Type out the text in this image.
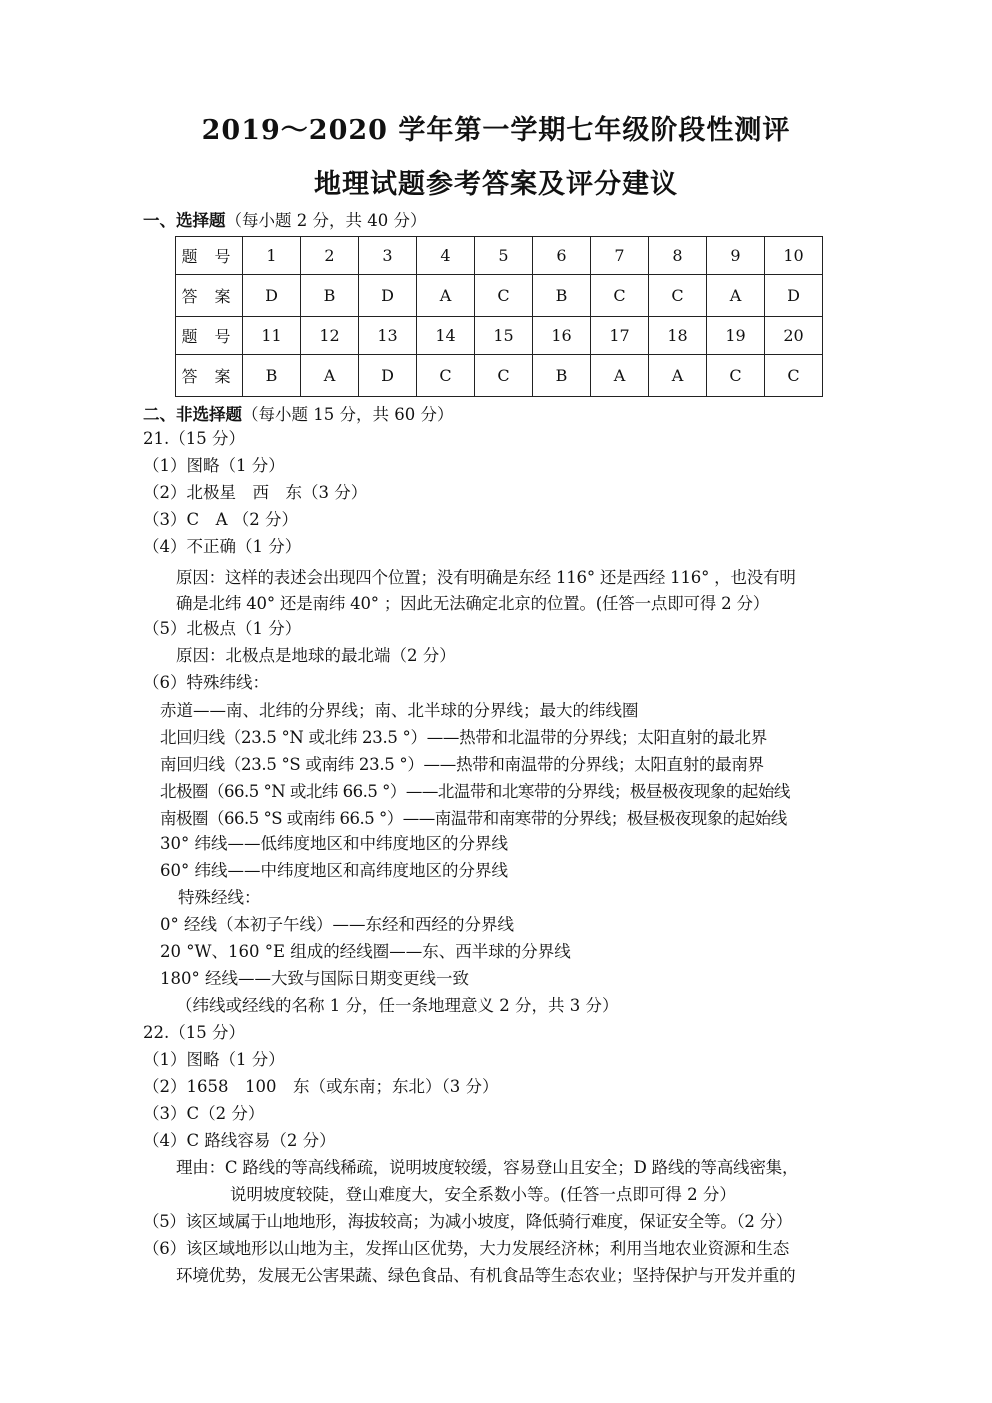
2019～2020 学年第一学期七年级阶段性测评
地理试题参考答案及评分建议
一、选择题（每小题 2 分，共 40 分）
题 号	1	2	3	4	5	6	7	8	9	10
答 案	D	B	D	A	C	B	C	C	A	D
题 号	11	12	13	14	15	16	17	18	19	20
答 案	B	A	D	C	C	B	A	A	C	C
二、非选择题（每小题 15 分，共 60 分）
21.（15 分）
（1）图略（1 分）
（2）北极星　西　东（3 分）
（3）C　A （2 分）
（4）不正确（1 分）
原因：这样的表述会出现四个位置；没有明确是东经 116° 还是西经 116° ，也没有明
确是北纬 40° 还是南纬 40° ；因此无法确定北京的位置。(任答一点即可得 2 分）
（5）北极点（1 分）
原因：北极点是地球的最北端（2 分）
（6）特殊纬线：
赤道——南、北纬的分界线；南、北半球的分界线；最大的纬线圈
北回归线（23.5 °N 或北纬 23.5 °）——热带和北温带的分界线；太阳直射的最北界
南回归线（23.5 °S 或南纬 23.5 °）——热带和南温带的分界线；太阳直射的最南界
北极圈（66.5 °N 或北纬 66.5 °）——北温带和北寒带的分界线；极昼极夜现象的起始线
南极圈（66.5 °S 或南纬 66.5 °）——南温带和南寒带的分界线；极昼极夜现象的起始线
30° 纬线——低纬度地区和中纬度地区的分界线
60° 纬线——中纬度地区和高纬度地区的分界线
特殊经线：
0° 经线（本初子午线）——东经和西经的分界线
20 °W、160 °E 组成的经线圈——东、西半球的分界线
180° 经线——大致与国际日期变更线一致
（纬线或经线的名称 1 分，任一条地理意义 2 分，共 3 分）
22.（15 分）
（1）图略（1 分）
（2）1658　100　东（或东南；东北）（3 分）
（3）C（2 分）
（4）C 路线容易（2 分）
理由：C 路线的等高线稀疏，说明坡度较缓，容易登山且安全；D 路线的等高线密集，
说明坡度较陡，登山难度大，安全系数小等。(任答一点即可得 2 分）
（5）该区域属于山地地形，海拔较高；为减小坡度，降低骑行难度，保证安全等。（2 分）
（6）该区域地形以山地为主，发挥山区优势，大力发展经济林；利用当地农业资源和生态
环境优势，发展无公害果蔬、绿色食品、有机食品等生态农业；坚持保护与开发并重的
